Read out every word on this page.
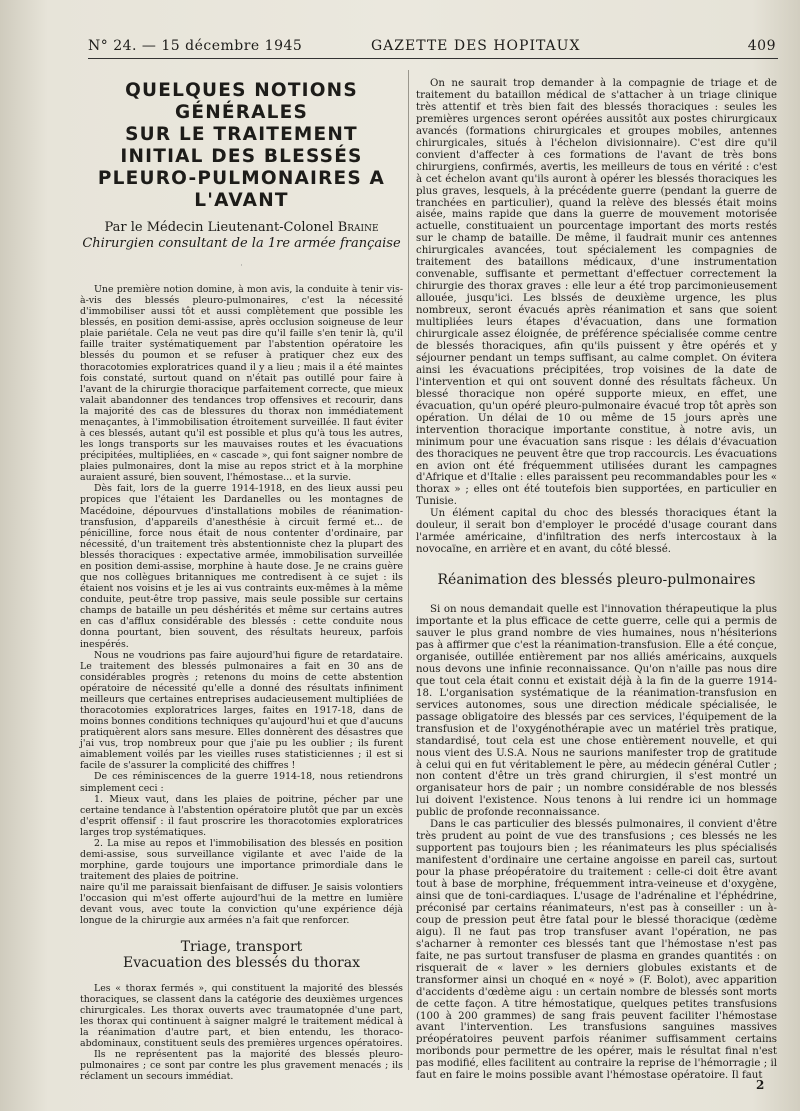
N° 24. — 15 décembre 1945	GAZETTE DES HOPITAUX	409
QUELQUES NOTIONS GÉNÉRALES
SUR LE TRAITEMENT INITIAL DES BLESSÉS
PLEURO-PULMONAIRES A L'AVANT
Par le Médecin Lieutenant-Colonel Braine
Chirurgien consultant de la 1re armée française
·

Une première notion domine, à mon avis, la conduite à tenir vis-à-vis des blessés pleuro-pulmonaires, c'est la nécessité d'immobiliser aussi tôt et aussi complètement que possible les blessés, en position demi-assise, après occlusion soigneuse de leur plaie pariétale. Cela ne veut pas dire qu'il faille s'en tenir là, qu'il faille traiter systématiquement par l'abstention opératoire les blessés du poumon et se refuser à pratiquer chez eux des thoracotomies exploratrices quand il y a lieu ; mais il a été maintes fois constaté, surtout quand on n'était pas outillé pour faire à l'avant de la chirurgie thoracique parfaitement correcte, que mieux valait abandonner des tendances trop offensives et recourir, dans la majorité des cas de blessures du thorax non immédiatement menaçantes, à l'immobilisation étroitement surveillée. Il faut éviter à ces blessés, autant qu'il est possible et plus qu'à tous les autres, les longs transports sur les mauvaises routes et les évacuations précipitées, multipliées, en « cascade », qui font saigner nombre de plaies pulmonaires, dont la mise au repos strict et à la morphine auraient assuré, bien souvent, l'hémostase... et la survie.

Dès fait, lors de la guerre 1914-1918, en des lieux aussi peu propices que l'étaient les Dardanelles ou les montagnes de Macédoine, dépourvues d'installations mobiles de réanimation-transfusion, d'appareils d'anesthésie à circuit fermé et... de pénicilline, force nous était de nous contenter d'ordinaire, par nécessité, d'un traitement très abstentionniste chez la plupart des blessés thoraciques : expectative armée, immobilisation surveillée en position demi-assise, morphine à haute dose. Je ne crains guère que nos collègues britanniques me contredisent à ce sujet : ils étaient nos voisins et je les ai vus contraints eux-mêmes à la même conduite, peut-être trop passive, mais seule possible sur certains champs de bataille un peu déshérités et même sur certains autres en cas d'afflux considérable des blessés : cette conduite nous donna pourtant, bien souvent, des résultats heureux, parfois inespérés.

Nous ne voudrions pas faire aujourd'hui figure de retardataire. Le traitement des blessés pulmonaires a fait en 30 ans de considérables progrès ; retenons du moins de cette abstention opératoire de nécessité qu'elle a donné des résultats infiniment meilleurs que certaines entreprises audacieusement multipliées de thoracotomies exploratrices larges, faites en 1917-18, dans de moins bonnes conditions techniques qu'aujourd'hui et que d'aucuns pratiquèrent alors sans mesure. Elles donnèrent des désastres que j'ai vus, trop nombreux pour que j'aie pu les oublier ; ils furent aimablement voilés par les vieilles ruses statisticiennes ; il est si facile de s'assurer la complicité des chiffres !

De ces réminiscences de la guerre 1914-18, nous retiendrons simplement ceci :

1. Mieux vaut, dans les plaies de poitrine, pécher par une certaine tendance à l'abstention opératoire plutôt que par un excès d'esprit offensif : il faut proscrire les thoracotomies exploratrices larges trop systématiques.

2. La mise au repos et l'immobilisation des blessés en position demi-assise, sous surveillance vigilante et avec l'aide de la morphine, garde toujours une importance primordiale dans le traitement des plaies de poitrine.

naire qu'il me paraissait bienfaisant de diffuser. Je saisis volontiers l'occasion qui m'est offerte aujourd'hui de la mettre en lumière devant vous, avec toute la conviction qu'une expérience déjà longue de la chirurgie aux armées n'a fait que renforcer.

Triage, transport
Evacuation des blessés du thorax

Les « thorax fermés », qui constituent la majorité des blessés thoraciques, se classent dans la catégorie des deuxièmes urgences chirurgicales. Les thorax ouverts avec traumatopnée d'une part, les thorax qui continuent à saigner malgré le traitement médical à la réanimation d'autre part, et bien entendu, les thoraco-abdominaux, constituent seuls des premières urgences opératoires.

Ils ne représentent pas la majorité des blessés pleuro-pulmonaires ; ce sont par contre les plus gravement menacés ; ils réclament un secours immédiat.

On ne saurait trop demander à la compagnie de triage et de traitement du bataillon médical de s'attacher à un triage clinique très attentif et très bien fait des blessés thoraciques : seules les premières urgences seront opérées aussitôt aux postes chirurgicaux avancés (formations chirurgicales et groupes mobiles, antennes chirurgicales, situés à l'échelon divisionnaire). C'est dire qu'il convient d'affecter à ces formations de l'avant de très bons chirurgiens, confirmés, avertis, les meilleurs de tous en vérité : c'est à cet échelon avant qu'ils auront à opérer les blessés thoraciques les plus graves, lesquels, à la précédente guerre (pendant la guerre de tranchées en particulier), quand la relève des blessés était moins aisée, mains rapide que dans la guerre de mouvement motorisée actuelle, constituaient un pourcentage important des morts restés sur le champ de bataille. De même, il faudrait munir ces antennes chirurgicales avancées, tout spécialement les compagnies de traitement des bataillons médicaux, d'une instrumentation convenable, suffisante et permettant d'effectuer correctement la chirurgie des thorax graves : elle leur a été trop parcimonieusement allouée, jusqu'ici. Les blssés de deuxième urgence, les plus nombreux, seront évacués après réanimation et sans que soient multipliées leurs étapes d'évacuation, dans une formation chirurgicale assez éloignée, de préférence spécialisée comme centre de blessés thoraciques, afin qu'ils puissent y être opérés et y séjourner pendant un temps suffisant, au calme complet. On évitera ainsi les évacuations précipitées, trop voisines de la date de l'intervention et qui ont souvent donné des résultats fâcheux. Un blessé thoracique non opéré supporte mieux, en effet, une évacuation, qu'un opéré pleuro-pulmonaire évacué trop tôt après son opération. Un délai de 10 ou même de 15 jours après une intervention thoracique importante constitue, à notre avis, un minimum pour une évacuation sans risque : les délais d'évacuation des thoraciques ne peuvent être que trop raccourcis. Les évacuations en avion ont été fréquemment utilisées durant les campagnes d'Afrique et d'Italie : elles paraissent peu recommandables pour les « thorax » ; elles ont été toutefois bien supportées, en particulier en Tunisie.

Un élément capital du choc des blessés thoraciques étant la douleur, il serait bon d'employer le procédé d'usage courant dans l'armée américaine, d'infiltration des nerfs intercostaux à la novocaïne, en arrière et en avant, du côté blessé.

Réanimation des blessés pleuro-pulmonaires

Si on nous demandait quelle est l'innovation thérapeutique la plus importante et la plus efficace de cette guerre, celle qui a permis de sauver le plus grand nombre de vies humaines, nous n'hésiterions pas à affirmer que c'est la réanimation-transfusion. Elle a été conçue, organisée, outillée entièrement par nos alliés américains, auxquels nous devons une infinie reconnaissance. Qu'on n'aille pas nous dire que tout cela était connu et existait déjà à la fin de la guerre 1914-18. L'organisation systématique de la réanimation-transfusion en services autonomes, sous une direction médicale spécialisée, le passage obligatoire des blessés par ces services, l'équipement de la transfusion et de l'oxygénothérapie avec un matériel très pratique, standardisé, tout cela est une chose entièrement nouvelle, et qui nous vient des U.S.A. Nous ne saurions manifester trop de gratitude à celui qui en fut véritablement le père, au médecin général Cutler ; non content d'être un très grand chirurgien, il s'est montré un organisateur hors de pair ; un nombre considérable de nos blessés lui doivent l'existence. Nous tenons à lui rendre ici un hommage public de profonde reconnaissance.

Dans le cas particulier des blessés pulmonaires, il convient d'être très prudent au point de vue des transfusions ; ces blessés ne les supportent pas toujours bien ; les réanimateurs les plus spécialisés manifestent d'ordinaire une certaine angoisse en pareil cas, surtout pour la phase préopératoire du traitement : celle-ci doit être avant tout à base de morphine, fréquemment intra-veineuse et d'oxygène, ainsi que de toni-cardiaques. L'usage de l'adrénaline et l'éphédrine, préconisé par certains réanimateurs, n'est pas à conseiller : un à-coup de pression peut être fatal pour le blessé thoracique (œdème aigu). Il ne faut pas trop transfuser avant l'opération, ne pas s'acharner à remonter ces blessés tant que l'hémostase n'est pas faite, ne pas surtout transfuser de plasma en grandes quantités : on risquerait de « laver » les derniers globules existants et de transformer ainsi un choqué en « noyé » (F. Bolot), avec apparition d'accidents d'œdème aigu : un certain nombre de blessés sont morts de cette façon. A titre hémostatique, quelques petites transfusions (100 à 200 grammes) de sang frais peuvent faciliter l'hémostase avant l'intervention. Les transfusions sanguines massives préopératoires peuvent parfois réanimer suffisamment certains moribonds pour permettre de les opérer, mais le résultat final n'est pas modifié, elles facilitent au contraire la reprise de l'hémorragie ; il faut en faire le moins possible avant l'hémostase opératoire. Il faut

2
